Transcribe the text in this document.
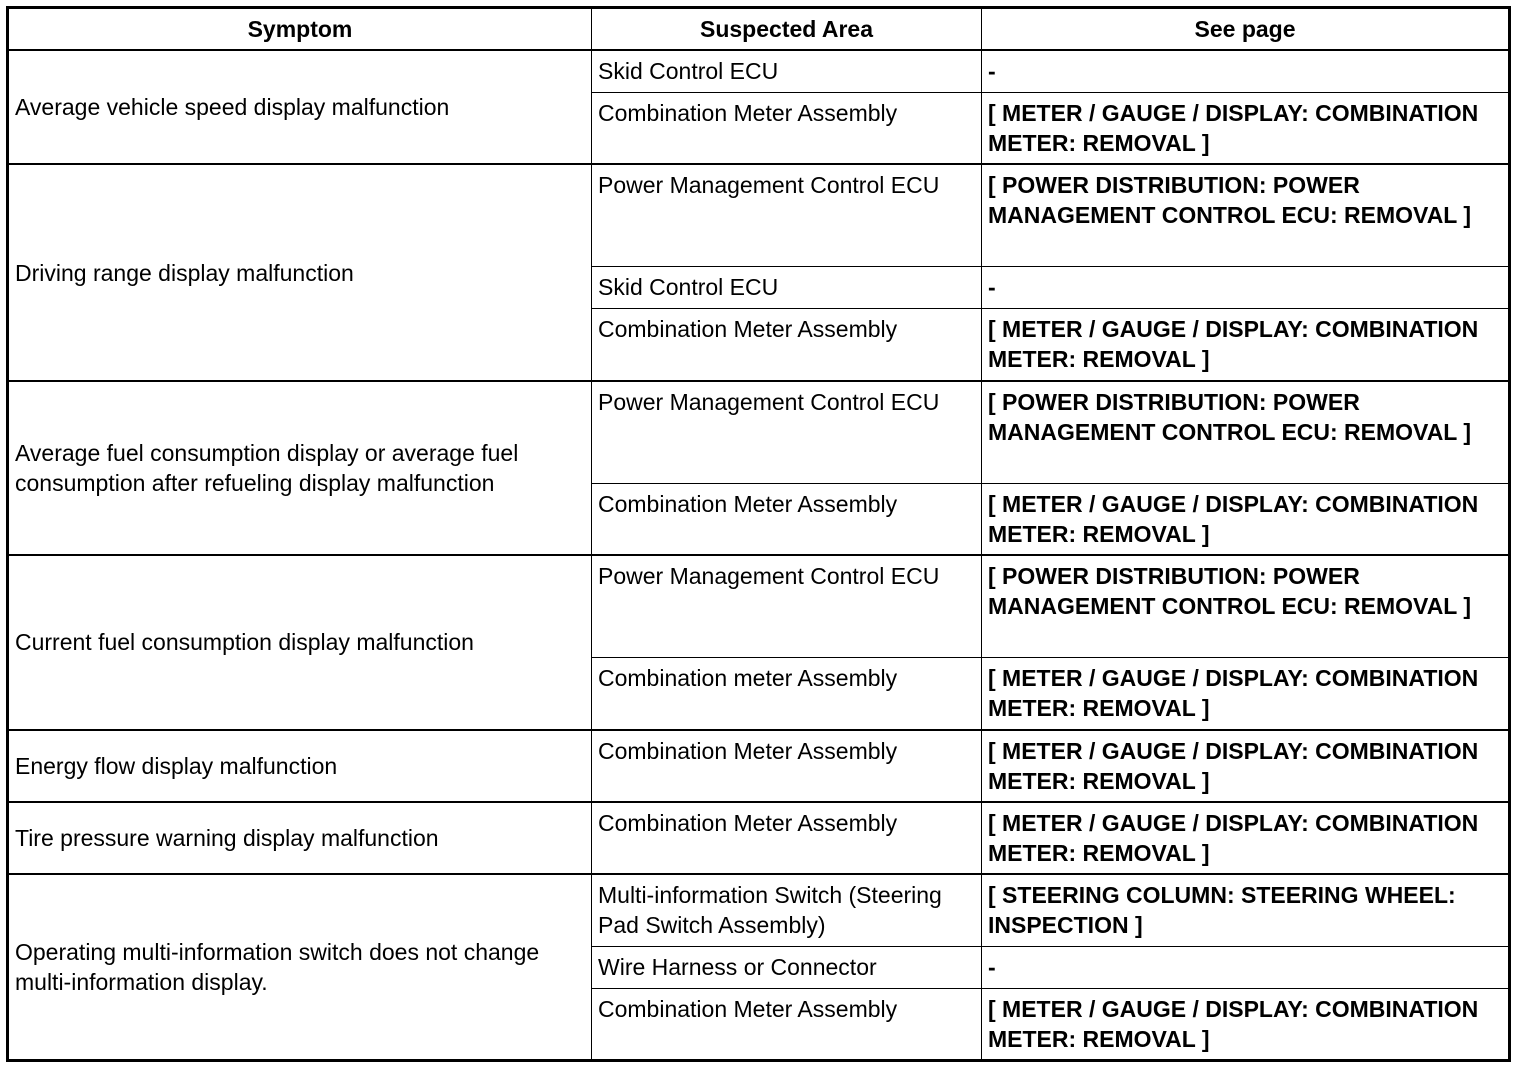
Symptom	Suspected Area	See page
Average vehicle speed display malfunction	Skid Control ECU	-
	Combination Meter Assembly	[ METER / GAUGE / DISPLAY: COMBINATION METER: REMOVAL ]
Driving range display malfunction	Power Management Control ECU	[ POWER DISTRIBUTION: POWER MANAGEMENT CONTROL ECU: REMOVAL ]
	Skid Control ECU	-
	Combination Meter Assembly	[ METER / GAUGE / DISPLAY: COMBINATION METER: REMOVAL ]
Average fuel consumption display or average fuel consumption after refueling display malfunction	Power Management Control ECU	[ POWER DISTRIBUTION: POWER MANAGEMENT CONTROL ECU: REMOVAL ]
	Combination Meter Assembly	[ METER / GAUGE / DISPLAY: COMBINATION METER: REMOVAL ]
Current fuel consumption display malfunction	Power Management Control ECU	[ POWER DISTRIBUTION: POWER MANAGEMENT CONTROL ECU: REMOVAL ]
	Combination meter Assembly	[ METER / GAUGE / DISPLAY: COMBINATION METER: REMOVAL ]
Energy flow display malfunction	Combination Meter Assembly	[ METER / GAUGE / DISPLAY: COMBINATION METER: REMOVAL ]
Tire pressure warning display malfunction	Combination Meter Assembly	[ METER / GAUGE / DISPLAY: COMBINATION METER: REMOVAL ]
Operating multi-information switch does not change multi-information display.	Multi-information Switch (Steering Pad Switch Assembly)	[ STEERING COLUMN: STEERING WHEEL: INSPECTION ]
	Wire Harness or Connector	-
	Combination Meter Assembly	[ METER / GAUGE / DISPLAY: COMBINATION METER: REMOVAL ]
